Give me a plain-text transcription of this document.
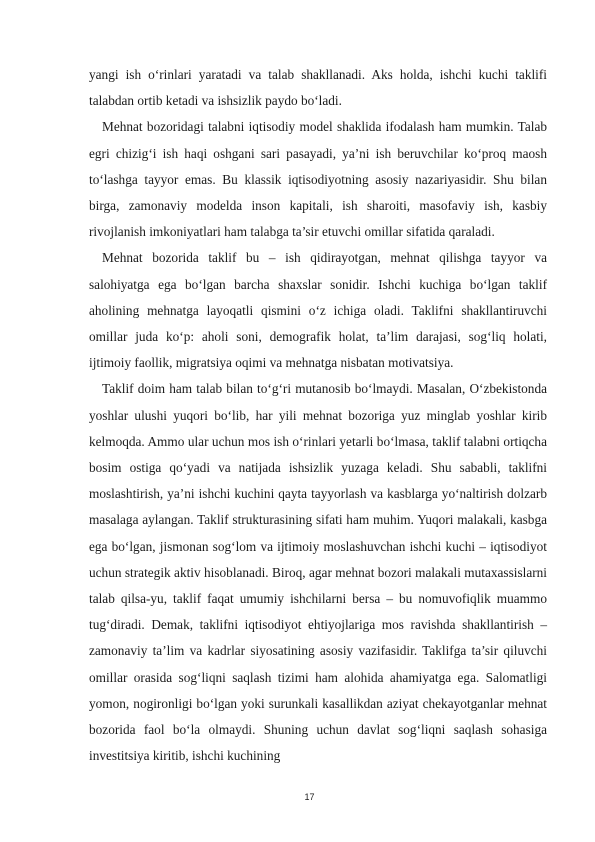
yangi ish o‘rinlari yaratadi va talab shakllanadi. Aks holda, ishchi kuchi taklifi talabdan ortib ketadi va ishsizlik paydo bo‘ladi.

Mehnat bozoridagi talabni iqtisodiy model shaklida ifodalash ham mumkin. Talab egri chizig‘i ish haqi oshgani sari pasayadi, ya’ni ish beruvchilar ko‘proq maosh to‘lashga tayyor emas. Bu klassik iqtisodiyotning asosiy nazariyasidir. Shu bilan birga, zamonaviy modelda inson kapitali, ish sharoiti, masofaviy ish, kasbiy rivojlanish imkoniyatlari ham talabga ta’sir etuvchi omillar sifatida qaraladi.

Mehnat bozorida taklif bu – ish qidirayotgan, mehnat qilishga tayyor va salohiyatga ega bo‘lgan barcha shaxslar sonidir. Ishchi kuchiga bo‘lgan taklif aholining mehnatga layoqatli qismini o‘z ichiga oladi. Taklifni shakllantiruvchi omillar juda ko‘p: aholi soni, demografik holat, ta’lim darajasi, sog‘liq holati, ijtimoiy faollik, migratsiya oqimi va mehnatga nisbatan motivatsiya.

Taklif doim ham talab bilan to‘g‘ri mutanosib bo‘lmaydi. Masalan, O‘zbekistonda yoshlar ulushi yuqori bo‘lib, har yili mehnat bozoriga yuz minglab yoshlar kirib kelmoqda. Ammo ular uchun mos ish o‘rinlari yetarli bo‘lmasa, taklif talabni ortiqcha bosim ostiga qo‘yadi va natijada ishsizlik yuzaga keladi. Shu sababli, taklifni moslashtirish, ya’ni ishchi kuchini qayta tayyorlash va kasblarga yo‘naltirish dolzarb masalaga aylangan. Taklif strukturasining sifati ham muhim. Yuqori malakali, kasbga ega bo‘lgan, jismonan sog‘lom va ijtimoiy moslashuvchan ishchi kuchi – iqtisodiyot uchun strategik aktiv hisoblanadi. Biroq, agar mehnat bozori malakali mutaxassislarni talab qilsa-yu, taklif faqat umumiy ishchilarni bersa – bu nomuvofiqlik muammo tug‘diradi. Demak, taklifni iqtisodiyot ehtiyojlariga mos ravishda shakllantirish – zamonaviy ta’lim va kadrlar siyosatining asosiy vazifasidir. Taklifga ta’sir qiluvchi omillar orasida sog‘liqni saqlash tizimi ham alohida ahamiyatga ega. Salomatligi yomon, nogironligi bo‘lgan yoki surunkali kasallikdan aziyat chekayotganlar mehnat bozorida faol bo‘la olmaydi. Shuning uchun davlat sog‘liqni saqlash sohasiga investitsiya kiritib, ishchi kuchining

17
